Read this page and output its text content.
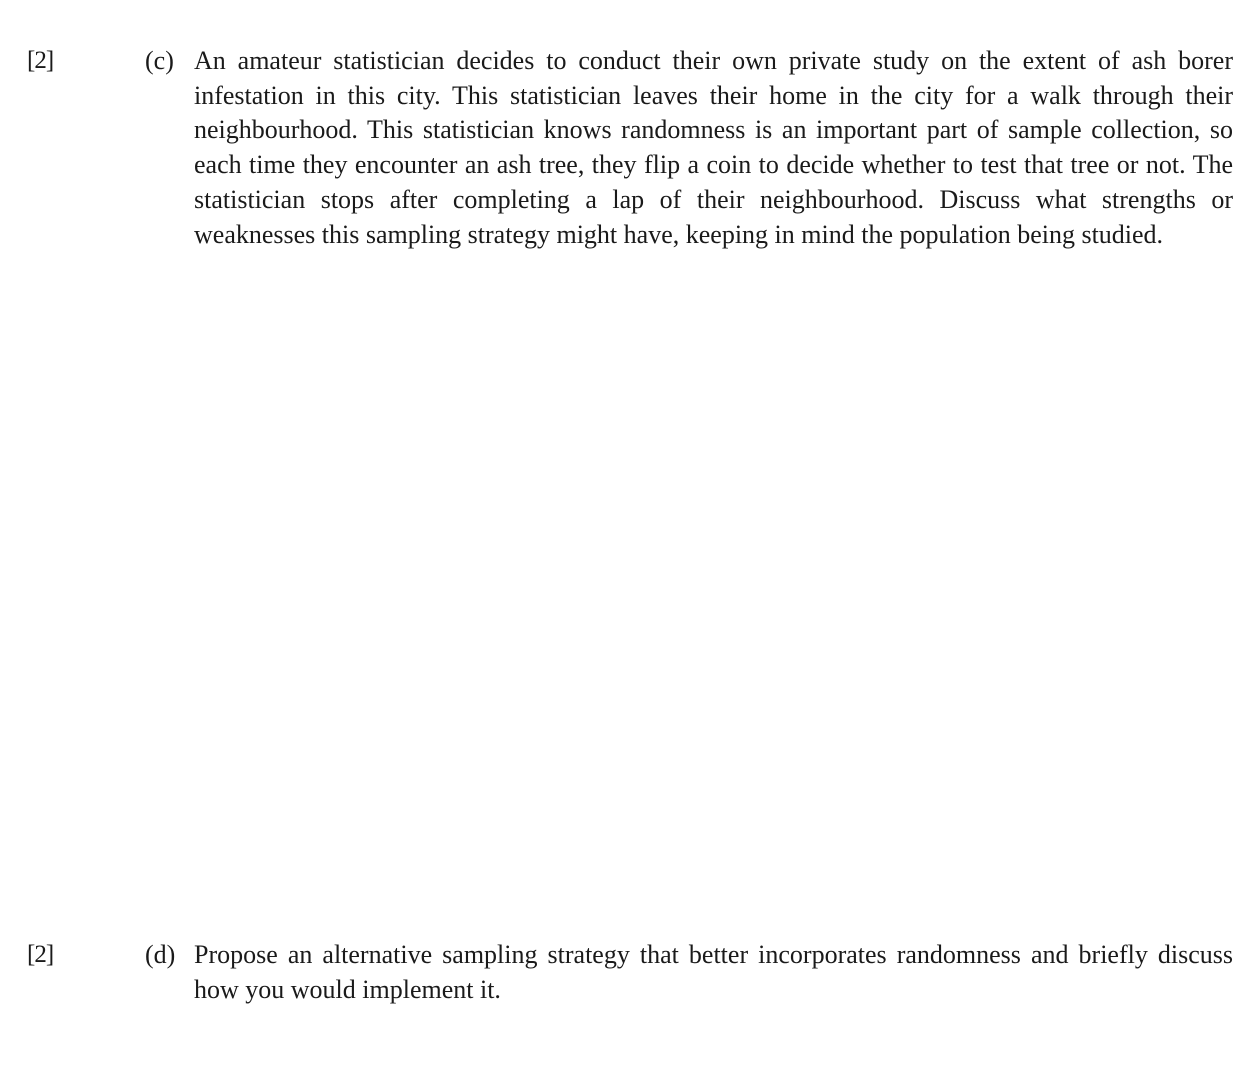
[2]	(c) An amateur statistician decides to conduct their own private study on the extent of ash borer infestation in this city. This statistician leaves their home in the city for a walk through their neighbourhood. This statistician knows randomness is an important part of sample collection, so each time they encounter an ash tree, they flip a coin to decide whether to test that tree or not. The statistician stops after completing a lap of their neighbourhood. Discuss what strengths or weaknesses this sampling strategy might have, keeping in mind the population being studied.
[2]	(d) Propose an alternative sampling strategy that better incorporates randomness and briefly discuss how you would implement it.
